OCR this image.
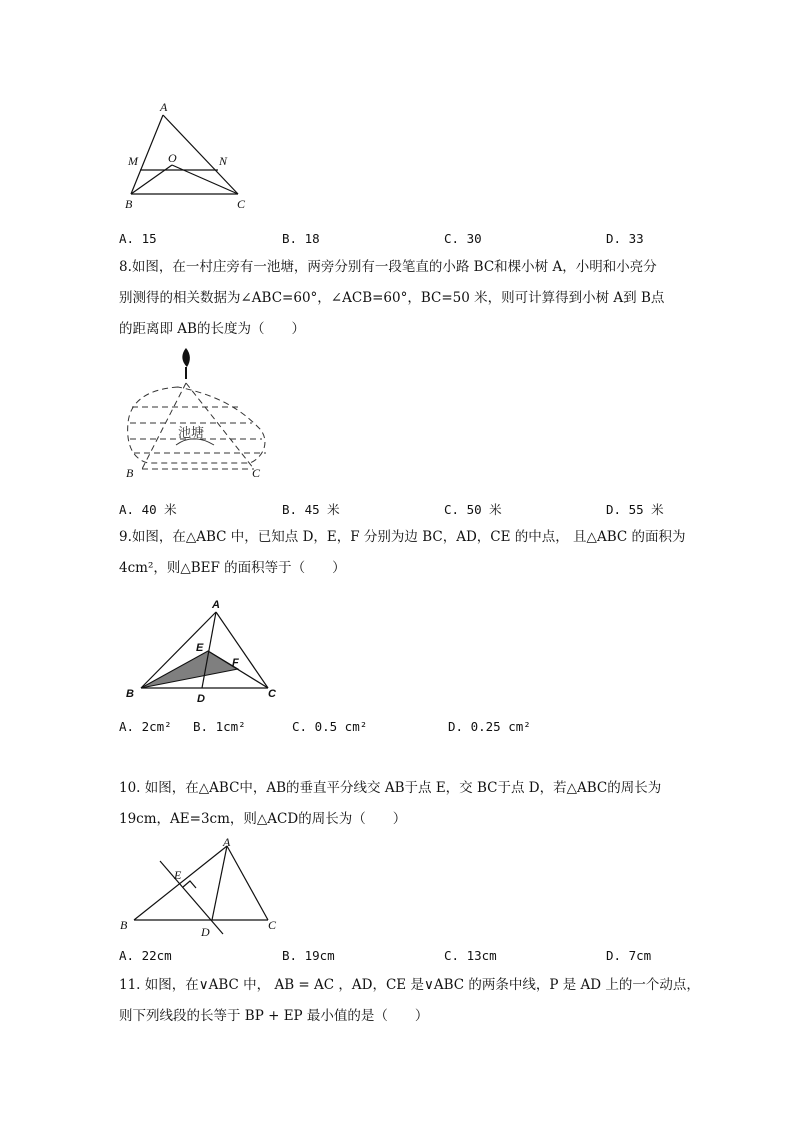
A
M	O	N
B	C
A. 15	B. 18	C. 30	D. 33
8.如图，在一村庄旁有一池塘，两旁分别有一段笔直的小路 BC和棵小树 A，小明和小亮分
别测得的相关数据为∠ABC=60°，∠ACB=60°，BC=50 米，则可计算得到小树 A到 B点
的距离即 AB的长度为（　　）
池塘
B	C
A. 40 米	B. 45 米	C. 50 米	D. 55 米
9.如图，在△ABC 中，已知点 D，E，F 分别为边 BC，AD，CE 的中点， 且△ABC 的面积为
4cm²，则△BEF 的面积等于（　　）
A
E
F
B	D	C
A. 2cm² B. 1cm²	C. 0.5 cm²	D. 0.25 cm²
10. 如图，在△ABC中，AB的垂直平分线交 AB于点 E，交 BC于点 D，若△ABC的周长为
19cm，AE=3cm，则△ACD的周长为（　　）
A
E
B	D	C
A. 22cm	B. 19cm	C. 13cm	D. 7cm
11. 如图，在∨ABC 中， AB = AC ，AD，CE 是∨ABC 的两条中线，P 是 AD 上的一个动点，
则下列线段的长等于 BP + EP 最小值的是（　　）
